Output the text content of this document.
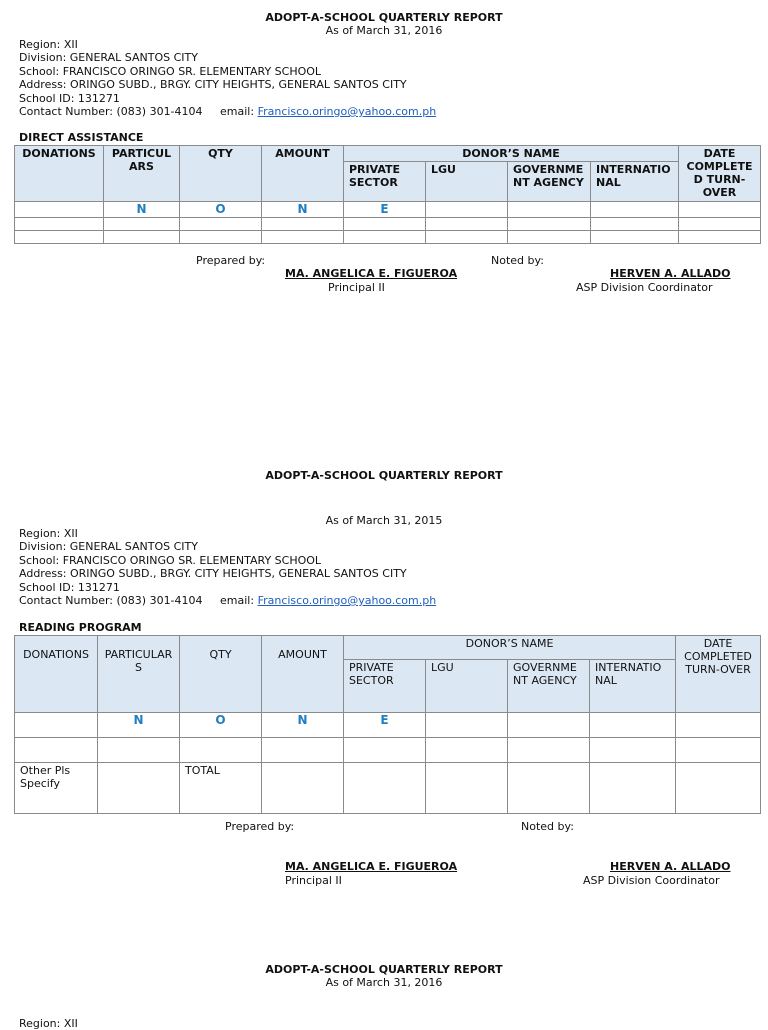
ADOPT-A-SCHOOL QUARTERLY REPORT
As of March 31, 2016
Region: XII
Division: GENERAL SANTOS CITY
School: FRANCISCO ORINGO SR. ELEMENTARY SCHOOL
Address: ORINGO SUBD., BRGY. CITY HEIGHTS, GENERAL SANTOS CITY
School ID: 131271
Contact Number: (083) 301-4104 email: Francisco.oringo@yahoo.com.ph
DIRECT ASSISTANCE
DONATIONS	PARTICUL ARS	QTY	AMOUNT	DONOR’S NAME				DATE COMPLETE D TURN-OVER
				PRIVATE SECTOR	LGU	GOVERNME NT AGENCY	INTERNATIO NAL	
	N	O	N	E				

Prepared by:	Noted by:
MA. ANGELICA E. FIGUEROA	HERVEN A. ALLADO
Principal II	ASP Division Coordinator
ADOPT-A-SCHOOL QUARTERLY REPORT
As of March 31, 2015
Region: XII
Division: GENERAL SANTOS CITY
School: FRANCISCO ORINGO SR. ELEMENTARY SCHOOL
Address: ORINGO SUBD., BRGY. CITY HEIGHTS, GENERAL SANTOS CITY
School ID: 131271
Contact Number: (083) 301-4104 email: Francisco.oringo@yahoo.com.ph
READING PROGRAM
DONATIONS	PARTICULAR S	QTY	AMOUNT	DONOR’S NAME				DATE COMPLETED TURN-OVER
				PRIVATE SECTOR	LGU	GOVERNME NT AGENCY	INTERNATIO NAL	
	N	O	N	E				

Other Pls Specify		TOTAL						
Prepared by:	Noted by:
MA. ANGELICA E. FIGUEROA	HERVEN A. ALLADO
Principal II	ASP Division Coordinator
ADOPT-A-SCHOOL QUARTERLY REPORT
As of March 31, 2016
Region: XII
